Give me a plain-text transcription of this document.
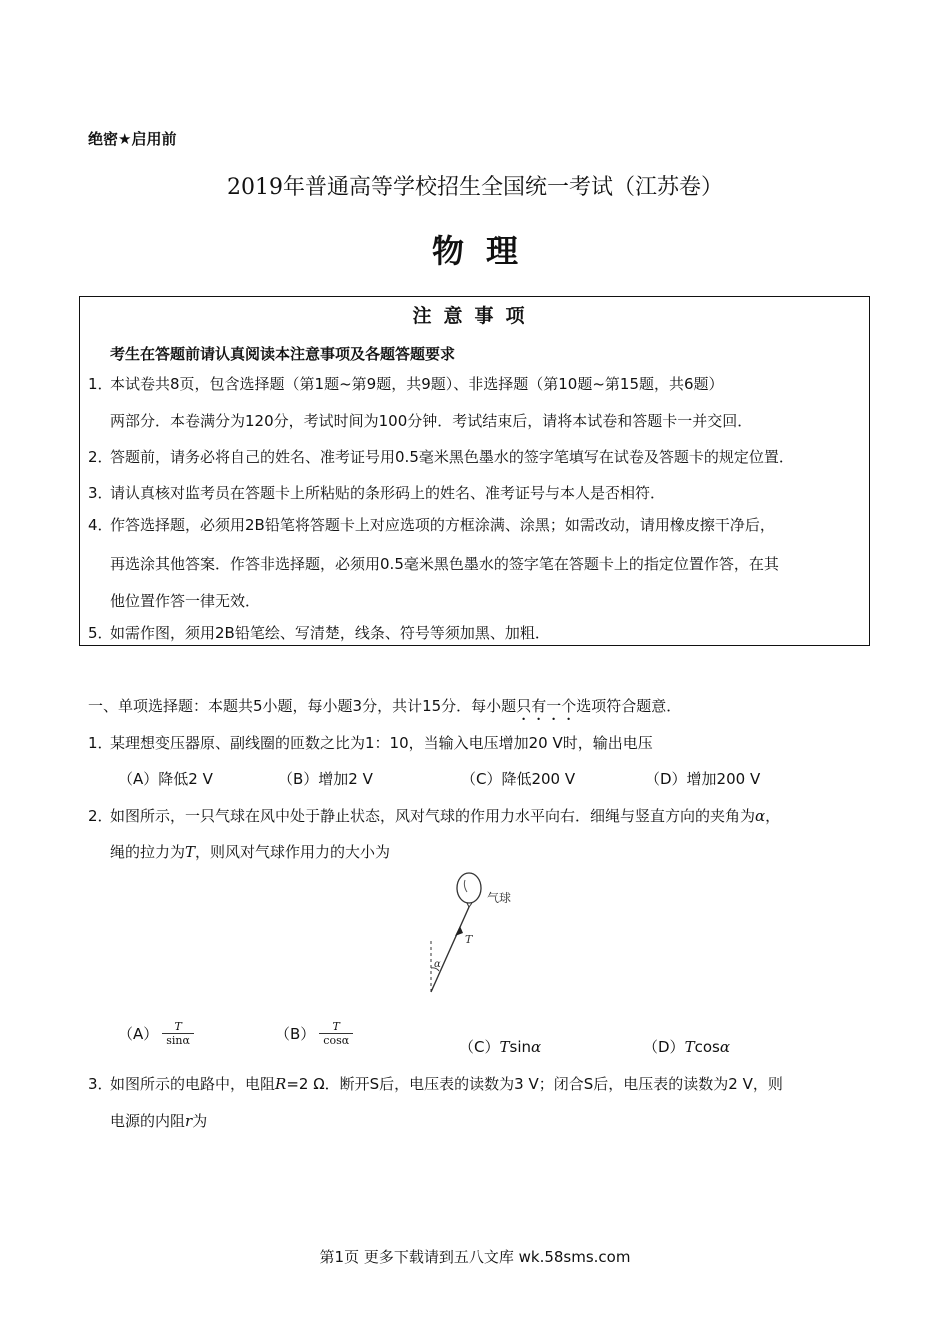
绝密★启用前
2019年普通高等学校招生全国统一考试（江苏卷）
物理
注意事项
考生在答题前请认真阅读本注意事项及各题答题要求
1．本试卷共8页，包含选择题（第1题~第9题，共9题）、非选择题（第10题~第15题，共6题）
两部分．本卷满分为120分，考试时间为100分钟．考试结束后，请将本试卷和答题卡一并交回．
2．答题前，请务必将自己的姓名、准考证号用0.5毫米黑色墨水的签字笔填写在试卷及答题卡的规定位置．
3．请认真核对监考员在答题卡上所粘贴的条形码上的姓名、准考证号与本人是否相符．
4．作答选择题，必须用2B铅笔将答题卡上对应选项的方框涂满、涂黑；如需改动，请用橡皮擦干净后，
再选涂其他答案．作答非选择题，必须用0.5毫米黑色墨水的签字笔在答题卡上的指定位置作答，在其
他位置作答一律无效．
5．如需作图，须用2B铅笔绘、写清楚，线条、符号等须加黑、加粗．
一、单项选择题：本题共5小题，每小题3分，共计15分．每小题只有一个选项符合题意．
1．某理想变压器原、副线圈的匝数之比为1：10，当输入电压增加20 V时，输出电压
（A）降低2 V	（B）增加2 V	（C）降低200 V	（D）增加200 V
2．如图所示，一只气球在风中处于静止状态，风对气球的作用力水平向右．细绳与竖直方向的夹角为α，
绳的拉力为T，则风对气球作用力的大小为
气球
T
α
$(A) \frac{T}{\sin\alpha}$	$(B) \frac{T}{\cos\alpha}$	（C）Tsinα	（D）Tcosα
3．如图所示的电路中，电阻R=2 Ω．断开S后，电压表的读数为3 V；闭合S后，电压表的读数为2 V，则
电源的内阻r为
第1页 更多下载请到五八文库 wk.58sms.com
